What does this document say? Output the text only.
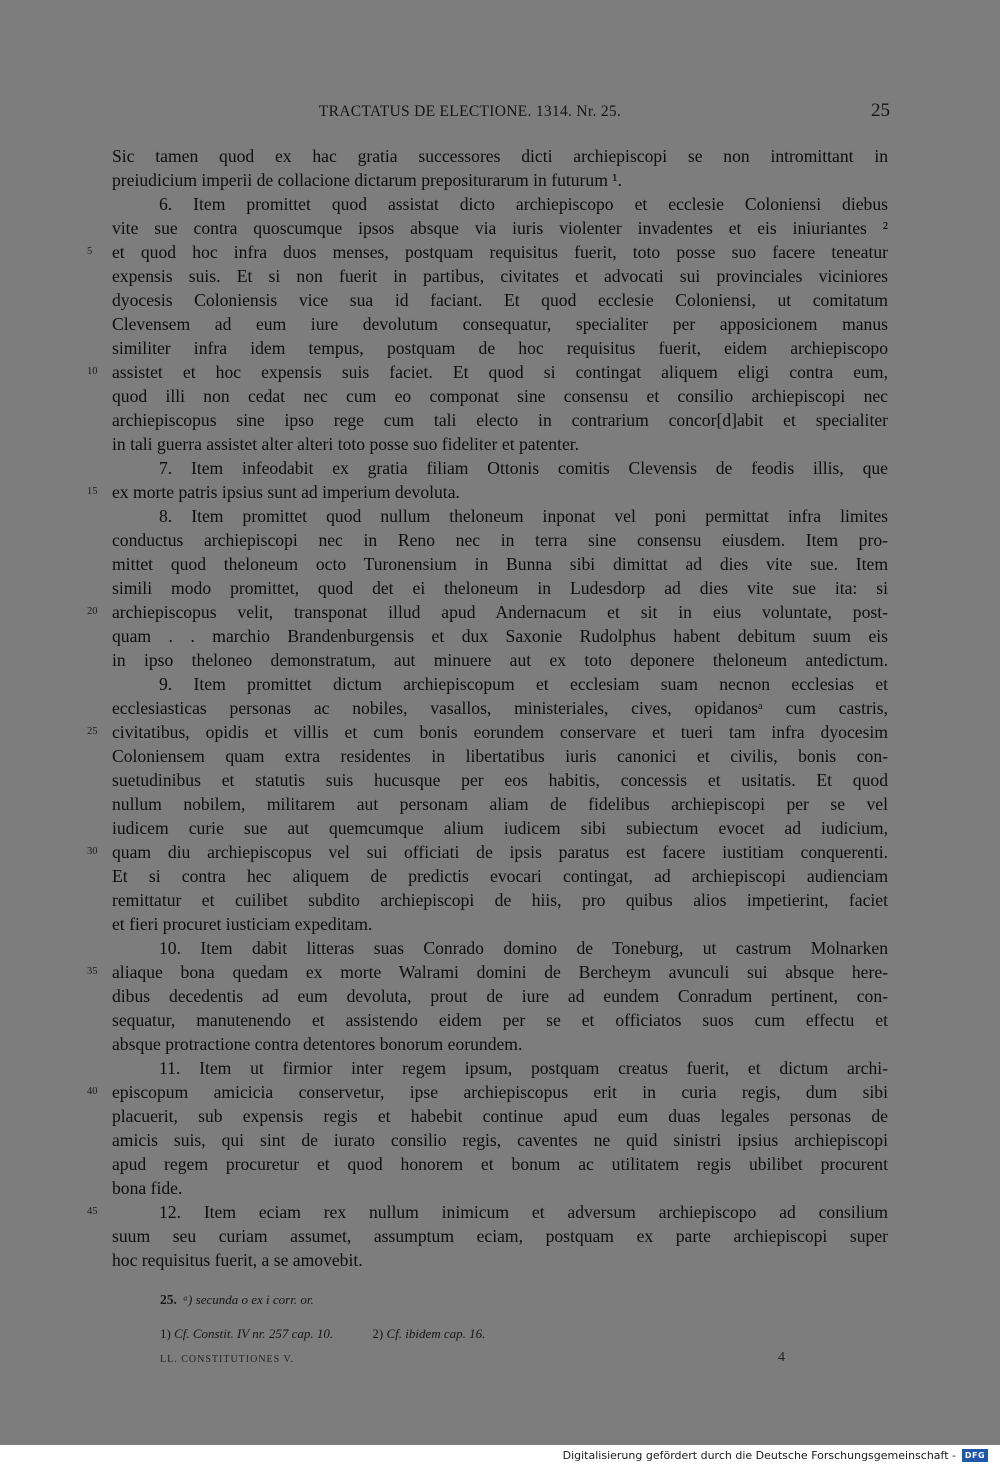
TRACTATUS DE ELECTIONE. 1314. Nr. 25.	25
Sic tamen quod ex hac gratia successores dicti archiepiscopi se non intromittant in
preiudicium imperii de collacione dictarum prepositurarum in futurum ¹.
6. Item promittet quod assistat dicto archiepiscopo et ecclesie Coloniensi diebus
vite sue contra quoscumque ipsos absque via iuris violenter invadentes et eis iniuriantes ²
5	et quod hoc infra duos menses, postquam requisitus fuerit, toto posse suo facere teneatur
expensis suis. Et si non fuerit in partibus, civitates et advocati sui provinciales viciniores
dyocesis Coloniensis vice sua id faciant. Et quod ecclesie Coloniensi, ut comitatum
Clevensem ad eum iure devolutum consequatur, specialiter per apposicionem manus
similiter infra idem tempus, postquam de hoc requisitus fuerit, eidem archiepiscopo
10 assistet et hoc expensis suis faciet. Et quod si contingat aliquem eligi contra eum,
quod illi non cedat nec cum eo componat sine consensu et consilio archiepiscopi nec
archiepiscopus sine ipso rege cum tali electo in contrarium concor[d]abit et specialiter
in tali guerra assistet alter alteri toto posse suo fideliter et patenter.
7. Item infeodabit ex gratia filiam Ottonis comitis Clevensis de feodis illis, que
15 ex morte patris ipsius sunt ad imperium devoluta.
8. Item promittet quod nullum theloneum inponat vel poni permittat infra limites
conductus archiepiscopi nec in Reno nec in terra sine consensu eiusdem. Item pro-
mittet quod theloneum octo Turonensium in Bunna sibi dimittat ad dies vite sue. Item
simili modo promittet, quod det ei theloneum in Ludesdorp ad dies vite sue ita: si
20 archiepiscopus velit, transponat illud apud Andernacum et sit in eius voluntate, post-
quam . . marchio Brandenburgensis et dux Saxonie Rudolphus habent debitum suum eis
in ipso theloneo demonstratum, aut minuere aut ex toto deponere theloneum antedictum.
9. Item promittet dictum archiepiscopum et ecclesiam suam necnon ecclesias et
ecclesiasticas personas ac nobiles, vasallos, ministeriales, cives, opidanosᵃ cum castris,
25 civitatibus, opidis et villis et cum bonis eorundem conservare et tueri tam infra dyocesim
Coloniensem quam extra residentes in libertatibus iuris canonici et civilis, bonis con-
suetudinibus et statutis suis hucusque per eos habitis, concessis et usitatis. Et quod
nullum nobilem, militarem aut personam aliam de fidelibus archiepiscopi per se vel
iudicem curie sue aut quemcumque alium iudicem sibi subiectum evocet ad iudicium,
30 quam diu archiepiscopus vel sui officiati de ipsis paratus est facere iustitiam conquerenti.
Et si contra hec aliquem de predictis evocari contingat, ad archiepiscopi audienciam
remittatur et cuilibet subdito archiepiscopi de hiis, pro quibus alios impetierint, faciet
et fieri procuret iusticiam expeditam.
10. Item dabit litteras suas Conrado domino de Toneburg, ut castrum Molnarken
35 aliaque bona quedam ex morte Walrami domini de Bercheym avunculi sui absque here-
dibus decedentis ad eum devoluta, prout de iure ad eundem Conradum pertinent, con-
sequatur, manutenendo et assistendo eidem per se et officiatos suos cum effectu et
absque protractione contra detentores bonorum eorundem.
11. Item ut firmior inter regem ipsum, postquam creatus fuerit, et dictum archi-
40 episcopum amicicia conservetur, ipse archiepiscopus erit in curia regis, dum sibi
placuerit, sub expensis regis et habebit continue apud eum duas legales personas de
amicis suis, qui sint de iurato consilio regis, caventes ne quid sinistri ipsius archiepiscopi
apud regem procuretur et quod honorem et bonum ac utilitatem regis ubilibet procurent
bona fide.
45	12. Item eciam rex nullum inimicum et adversum archiepiscopo ad consilium
suum seu curiam assumet, assumptum eciam, postquam ex parte archiepiscopi super
hoc requisitus fuerit, a se amovebit.
25. ᵃ) secunda o ex i corr. or.
1) Cf. Constit. IV nr. 257 cap. 10.	2) Cf. ibidem cap. 16.
LL. CONSTITUTIONES V.	4
Digitalisierung gefördert durch die Deutsche Forschungsgemeinschaft -	DFG
